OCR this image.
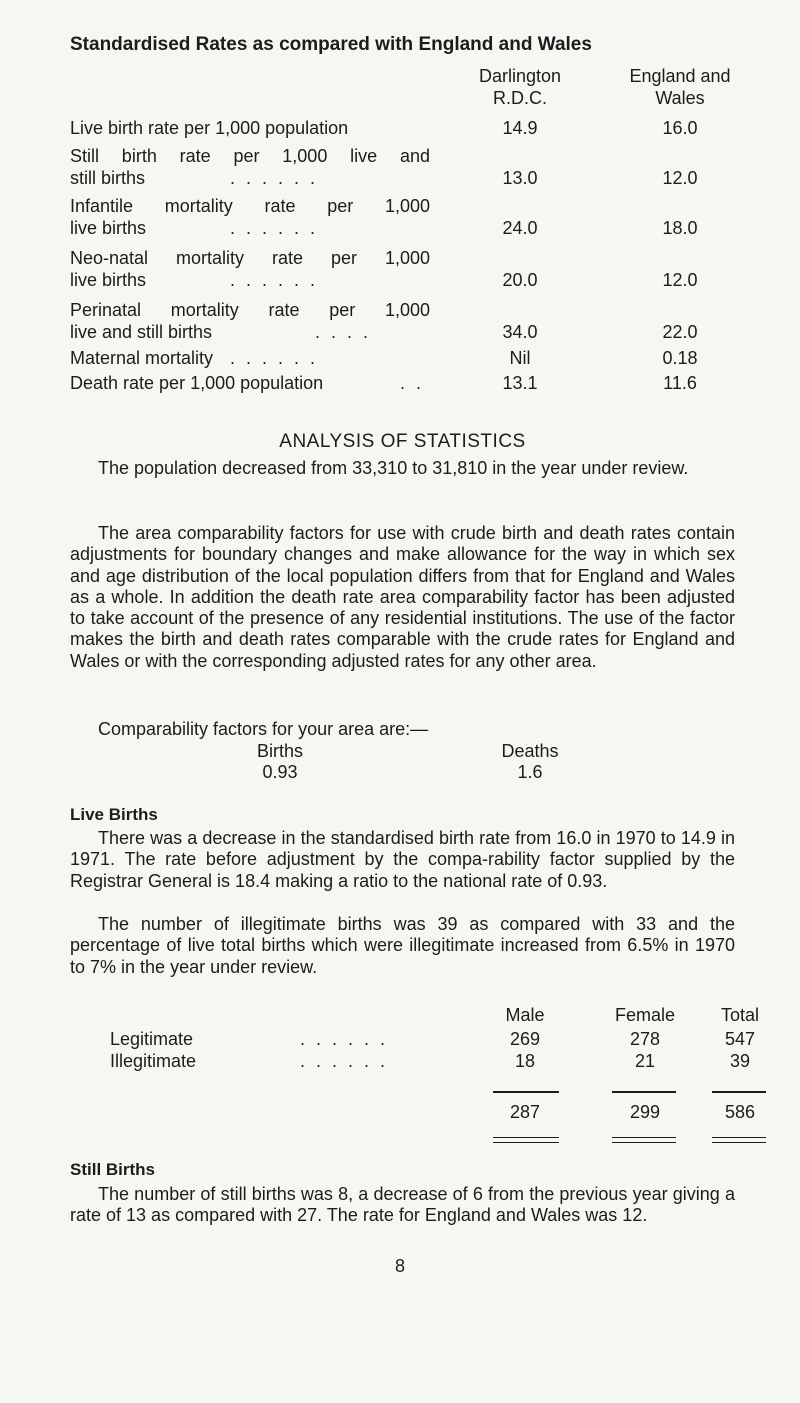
Standardised Rates as compared with England and Wales
Darlington
R.D.C.
England and
Wales
Live birth rate per 1,000 population	14.9	16.0
Still birth rate per 1,000 live and
still births	. . . . . .	13.0	12.0
Infantile mortality rate per 1,000
live births	. . . . . .	24.0	18.0
Neo-natal mortality rate per 1,000
live births	. . . . . .	20.0	12.0
Perinatal mortality rate per 1,000
live and still births	. . . .	34.0	22.0
Maternal mortality . . . . . .	Nil	0.18
Death rate per 1,000 population	. .	13.1	11.6
ANALYSIS OF STATISTICS
The population decreased from 33,310 to 31,810 in the year under review.
The area comparability factors for use with crude birth and death rates contain adjustments for boundary changes and make allowance for the way in which sex and age distribution of the local population differs from that for England and Wales as a whole. In addition the death rate area comparability factor has been adjusted to take account of the presence of any residential institutions. The use of the factor makes the birth and death rates comparable with the crude rates for England and Wales or with the corresponding adjusted rates for any other area.
Comparability factors for your area are:—
Births	Deaths
0.93	1.6
Live Births
There was a decrease in the standardised birth rate from 16.0 in 1970 to 14.9 in 1971. The rate before adjustment by the compa-rability factor supplied by the Registrar General is 18.4 making a ratio to the national rate of 0.93.
The number of illegitimate births was 39 as compared with 33 and the percentage of live total births which were illegitimate increased from 6.5% in 1970 to 7% in the year under review.
Male	Female	Total
Legitimate	. . . . . .	269	278	547
Illegitimate	. . . . . .	18	21	39
287	299	586
Still Births
The number of still births was 8, a decrease of 6 from the previous year giving a rate of 13 as compared with 27. The rate for England and Wales was 12.
8
